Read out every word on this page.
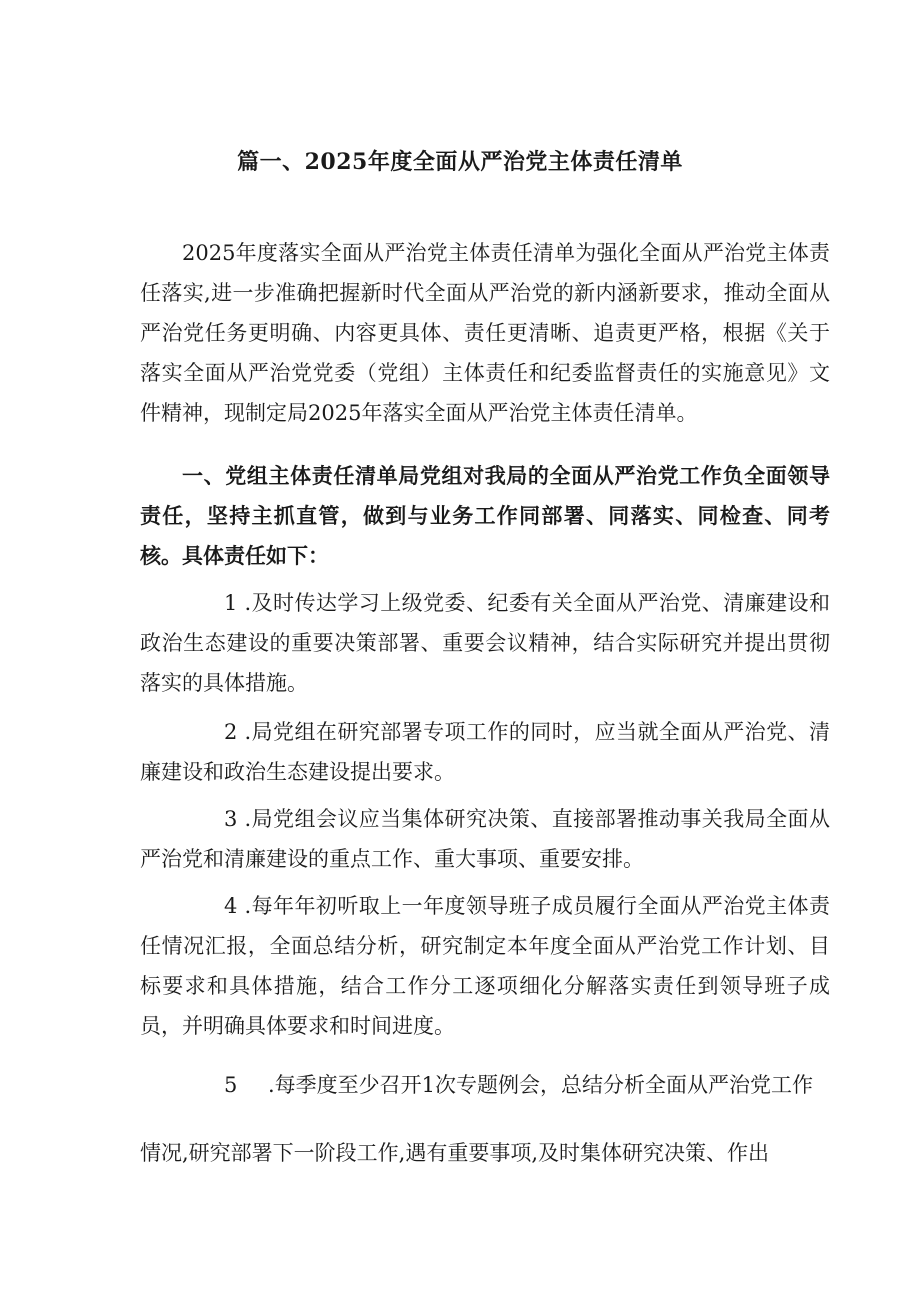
篇一、2025年度全面从严治党主体责任清单

2025年度落实全面从严治党主体责任清单为强化全面从严治党主体责任落实,进一步准确把握新时代全面从严治党的新内涵新要求，推动全面从严治党任务更明确、内容更具体、责任更清晰、追责更严格，根据《关于落实全面从严治党党委（党组）主体责任和纪委监督责任的实施意见》文件精神，现制定局2025年落实全面从严治党主体责任清单。

一、党组主体责任清单局党组对我局的全面从严治党工作负全面领导责任，坚持主抓直管，做到与业务工作同部署、同落实、同检查、同考核。具体责任如下：

1 .及时传达学习上级党委、纪委有关全面从严治党、清廉建设和政治生态建设的重要决策部署、重要会议精神，结合实际研究并提出贯彻落实的具体措施。

2 .局党组在研究部署专项工作的同时，应当就全面从严治党、清廉建设和政治生态建设提出要求。

3 .局党组会议应当集体研究决策、直接部署推动事关我局全面从严治党和清廉建设的重点工作、重大事项、重要安排。

4 .每年年初听取上一年度领导班子成员履行全面从严治党主体责任情况汇报，全面总结分析，研究制定本年度全面从严治党工作计划、目标要求和具体措施，结合工作分工逐项细化分解落实责任到领导班子成员，并明确具体要求和时间进度。

5 .每季度至少召开1次专题例会，总结分析全面从严治党工作

情况,研究部署下一阶段工作,遇有重要事项,及时集体研究决策、作出
